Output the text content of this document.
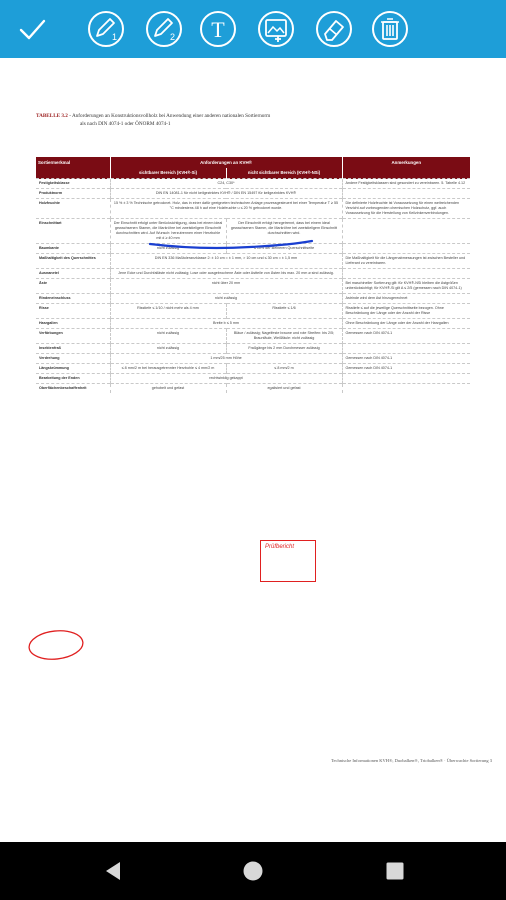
1	2 T
TABELLE 3.2 - Anforderungen an Konstruktionsvollholz bei Anwendung einer anderen nationalen Sortiernorm
als nach DIN 4074-1 oder ÖNORM 4074-1
Sortiermerkmal	Anforderungen an KVH®		Anmerkungen
	sichtbarer Bereich (KVH®-Si)	nicht sichtbarer Bereich (KVH®-NSi)	
Festigkeitsklasse	C24, C30*		Andere Festigkeitsklassen sind gesondert zu vereinbaren. 5. Tabelle 4.12
Produktnorm	DIN EN 14081-1 für nicht keilgezinktes KVH® / DIN EN 15497 für keilgezinktes KVH®		
Holzfeuchte	15 % ± 3 % Technische getrocknet. Holz, das in einer dafür geeigneten technischen Anlage prozessgesteuert bei einer Temperatur T ≥ 55 °C mindestens 48 h auf eine Holzfeuchte u ≤ 20 % getrocknet wurde.		Die definierte Holzfeuchte ist Voraussetzung für einen weitreichenden Verzicht auf vorbeugenden chemischen Holzschutz, ggf. auch Voraussetzung für die Herstellung von Keilzinkenverbindungen.
Einschnittart	Der Einschnitt erfolgt unter Berücksichtigung, dass bei einem ideal gewachsenen Stamm, die Markröhre bei zweistieligem Einschnitt durchschnitten wird. Auf Wunsch: herzutrennen einer Herzbohle mit d ≥ 40 mm	Der Einschnitt erfolgt herzgetrennt, dass bei einem ideal gewachsenen Stamm, die Markröhre bei zweistieligem Einschnitt durchschnitten wird.	
Baumkante	nicht zulässig	≤ 10% der kleineren Querschnittseite	
Maßhaltigkeit des Querschnittes	DIN EN 336 Maßtoleranzklasse 2: ± 10 cm = ± 1 mm, > 10 cm und ≤ 30 cm = ± 1,5 mm		Die Maßhaltigkeit für die Längenabmessungen ist zwischen Besteller und Lieferant zu vereinbaren.
Ausnanetel	Jene Ecke und Durchfalläste nicht zulässig; Lose oder ausgebrochene Äste oder Astteile von Ästen bis max. 20 mm ø sind zulässig.		
Äste	nicht über 20 mm		Bei maschineller Sortierung gilt: für KVH®-NSi bleiben die Astgrößen unberücksichtigt; für KVH®-Si gilt A ≤ 2/5 (gemessen nach DIN 4074-1)
Rindeneinschluss	nicht zulässig		Astrinde wird dem Ast hinzugerechnet
Risse	Risstiefe ≤ 1/10 / nicht mehr als 4 mm	Risstiefe ≤ 1/6	Risstiefe ≤ auf die jeweilige Querschnittseite bezogen. Ohne Beschränkung der Länge oder der Anzahl der Risse
Harzgallen	Breite b ≤ 5 mm		Ohne Beschränkung der Länge oder der Anzahl der Harzgallen
Verfärbungen	nicht zulässig	Bläue / zulässig; Nagelfeste braune und rote Streifen: bis 2/5; Braunfäule, Weißfäule: nicht zulässig	Gemessen nach DIN 4074-1
Insektenfraß	nicht zulässig	Fraßgänge bis 2 mm Durchmesser zulässig	
Verdrehung	1 mm/25 mm Höhe		Gemessen nach DIN 4074-1
Längskrümmung	≤ 8 mm/2 m bei herausgetrennter Herzbohle ≤ 4 mm/2 m	≤ 8 mm/2 m	Gemessen nach DIN 4074-1
Bearbeitung der Enden	rechtwinklig gekappt		
Oberflächenbeschaffenheit	gehobelt und gefast	egalisiert und gefast	
Technische Informationen KVH®, Duobalken®, Triobalken® · Überwachte Sortierung 3
Prüfbericht
